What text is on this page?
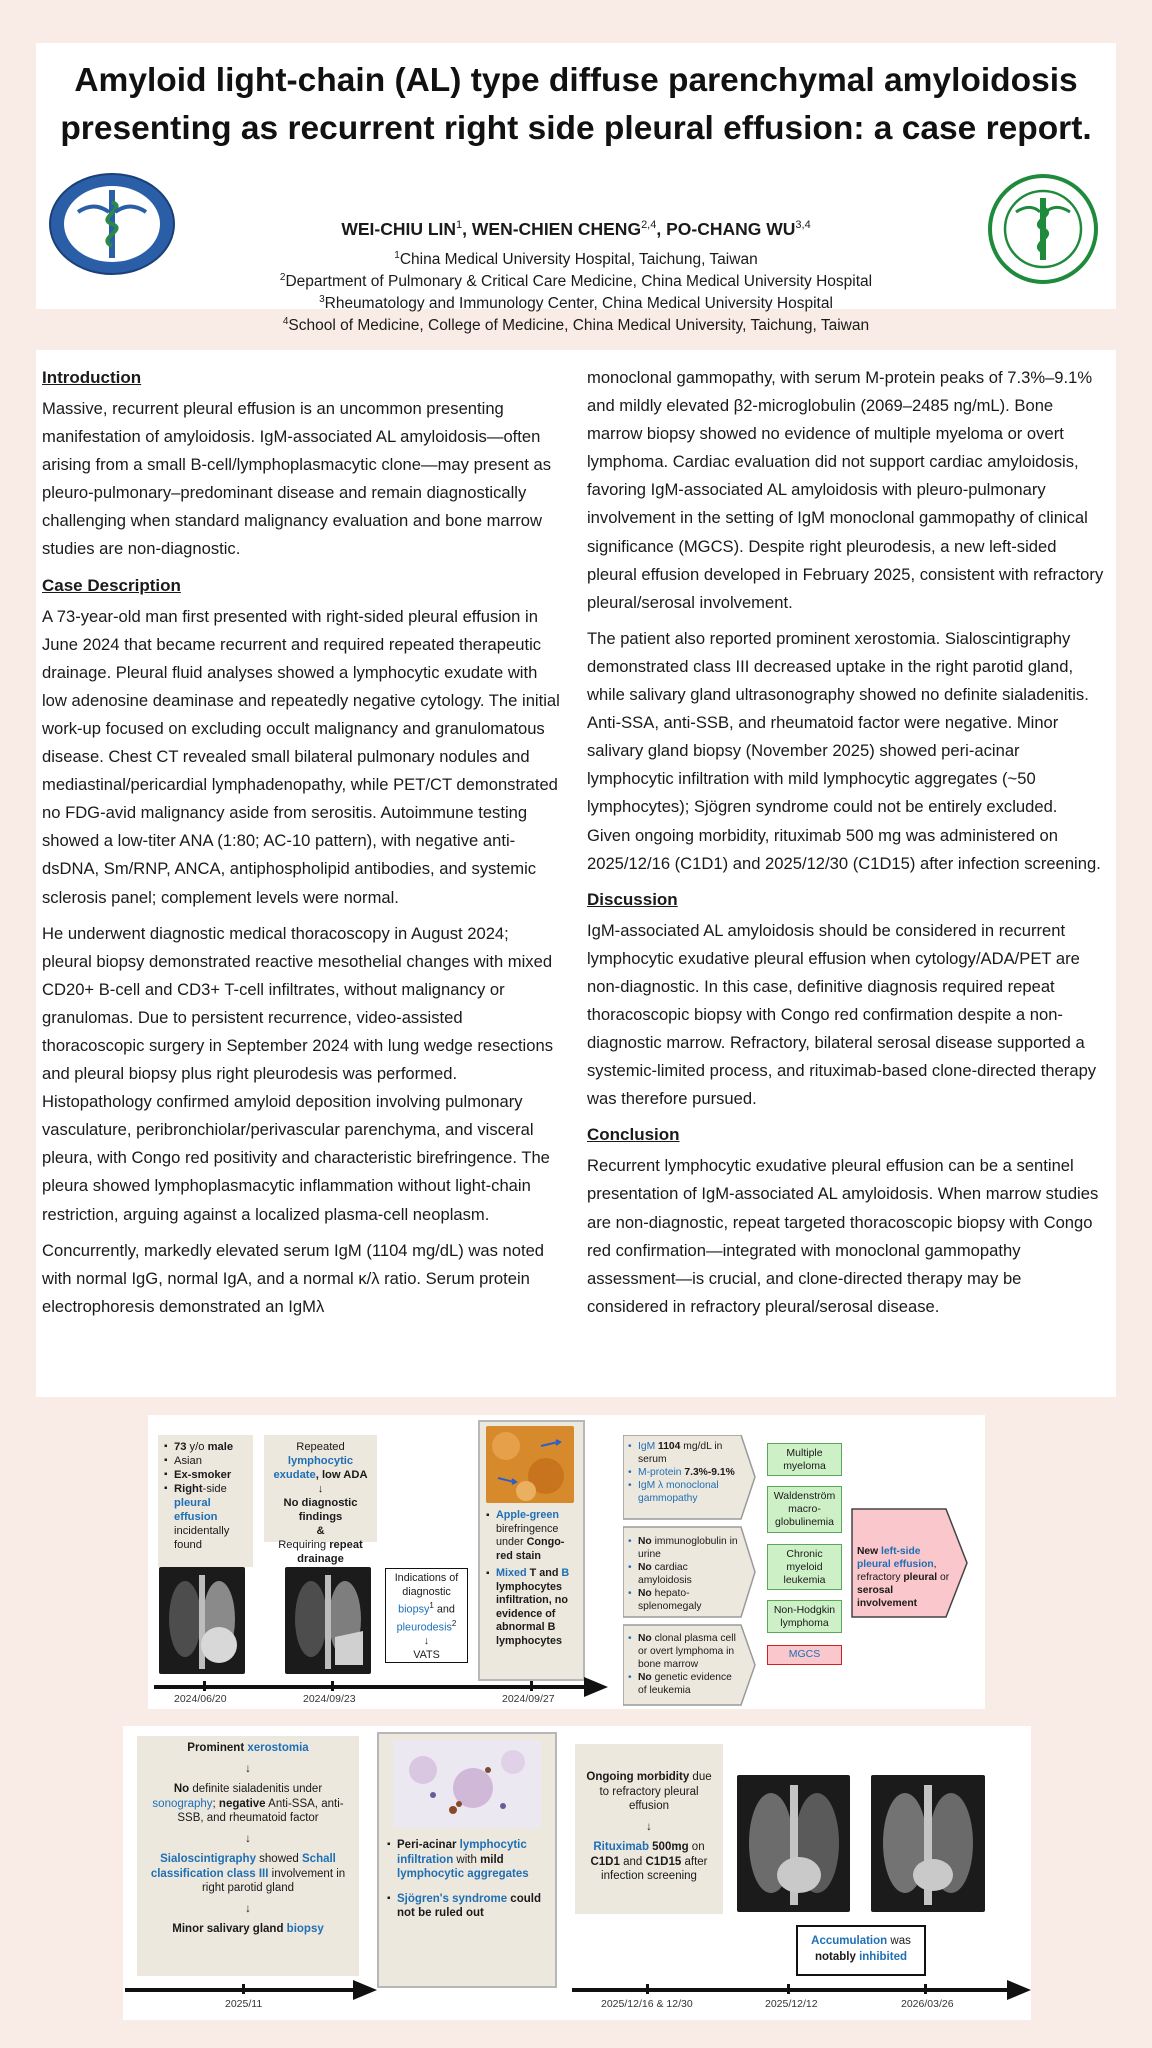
Amyloid light-chain (AL) type diffuse parenchymal amyloidosis
presenting as recurrent right side pleural effusion: a case report.
WEI-CHIU LIN$^1$, WEN-CHIEN CHENG$^{2,4}$, PO-CHANG WU$^{3,4}$
$^1$China Medical University Hospital, Taichung, Taiwan
$^2$Department of Pulmonary & Critical Care Medicine, China Medical University Hospital
$^3$Rheumatology and Immunology Center, China Medical University Hospital
$^4$School of Medicine, College of Medicine, China Medical University, Taichung, Taiwan
Introduction

Massive, recurrent pleural effusion is an uncommon presenting manifestation of amyloidosis. IgM-associated AL amyloidosis—often arising from a small B-cell/lymphoplasmacytic clone—may present as pleuro-pulmonary–predominant disease and remain diagnostically challenging when standard malignancy evaluation and bone marrow studies are non-diagnostic.

Case Description

A 73-year-old man first presented with right-sided pleural effusion in June 2024 that became recurrent and required repeated therapeutic drainage. Pleural fluid analyses showed a lymphocytic exudate with low adenosine deaminase and repeatedly negative cytology. The initial work-up focused on excluding occult malignancy and granulomatous disease. Chest CT revealed small bilateral pulmonary nodules and mediastinal/pericardial lymphadenopathy, while PET/CT demonstrated no FDG-avid malignancy aside from serositis. Autoimmune testing showed a low-titer ANA (1:80; AC-10 pattern), with negative anti-dsDNA, Sm/RNP, ANCA, antiphospholipid antibodies, and systemic sclerosis panel; complement levels were normal.

He underwent diagnostic medical thoracoscopy in August 2024; pleural biopsy demonstrated reactive mesothelial changes with mixed CD20+ B-cell and CD3+ T-cell infiltrates, without malignancy or granulomas. Due to persistent recurrence, video-assisted thoracoscopic surgery in September 2024 with lung wedge resections and pleural biopsy plus right pleurodesis was performed. Histopathology confirmed amyloid deposition involving pulmonary vasculature, peribronchiolar/perivascular parenchyma, and visceral pleura, with Congo red positivity and characteristic birefringence. The pleura showed lymphoplasmacytic inflammation without light-chain restriction, arguing against a localized plasma-cell neoplasm.

Concurrently, markedly elevated serum IgM (1104 mg/dL) was noted with normal IgG, normal IgA, and a normal κ/λ ratio. Serum protein electrophoresis demonstrated an IgMλ

monoclonal gammopathy, with serum M-protein peaks of 7.3%–9.1% and mildly elevated β2-microglobulin (2069–2485 ng/mL). Bone marrow biopsy showed no evidence of multiple myeloma or overt lymphoma. Cardiac evaluation did not support cardiac amyloidosis, favoring IgM-associated AL amyloidosis with pleuro-pulmonary involvement in the setting of IgM monoclonal gammopathy of clinical significance (MGCS). Despite right pleurodesis, a new left-sided pleural effusion developed in February 2025, consistent with refractory pleural/serosal involvement.

The patient also reported prominent xerostomia. Sialoscintigraphy demonstrated class III decreased uptake in the right parotid gland, while salivary gland ultrasonography showed no definite sialadenitis. Anti-SSA, anti-SSB, and rheumatoid factor were negative. Minor salivary gland biopsy (November 2025) showed peri-acinar lymphocytic infiltration with mild lymphocytic aggregates (~50 lymphocytes); Sjögren syndrome could not be entirely excluded. Given ongoing morbidity, rituximab 500 mg was administered on 2025/12/16 (C1D1) and 2025/12/30 (C1D15) after infection screening.

Discussion

IgM-associated AL amyloidosis should be considered in recurrent lymphocytic exudative pleural effusion when cytology/ADA/PET are non-diagnostic. In this case, definitive diagnosis required repeat thoracoscopic biopsy with Congo red confirmation despite a non-diagnostic marrow. Refractory, bilateral serosal disease supported a systemic-limited process, and rituximab-based clone-directed therapy was therefore pursued.

Conclusion

Recurrent lymphocytic exudative pleural effusion can be a sentinel presentation of IgM-associated AL amyloidosis. When marrow studies are non-diagnostic, repeat targeted thoracoscopic biopsy with Congo red confirmation—integrated with monoclonal gammopathy assessment—is crucial, and clone-directed therapy may be considered in refractory pleural/serosal disease.

▪ 73 y/o male
▪ Asian
▪ Ex-smoker
▪ Right-side pleural effusion incidentally found
Repeated lymphocytic exudate, low ADA
↓
No diagnostic findings
&
Requiring repeat drainage
Indications of
diagnostic
biopsy$^1$ and
pleurodesis$^2$
↓
VATS
▪ Apple-green birefringence under Congo-red stain
▪ Mixed T and B lymphocytes infiltration, no evidence of abnormal B lymphocytes
• IgM 1104 mg/dL in serum
• M-protein 7.3%-9.1%
• IgM λ monoclonal gammopathy
• No immunoglobulin in urine
• No cardiac amyloidosis
• No hepato-splenomegaly
• No clonal plasma cell or overt lymphoma in bone marrow
• No genetic evidence of leukemia
Multiple myeloma
Waldenström macro-globulinemia
Chronic myeloid leukemia
Non-Hodgkin lymphoma
MGCS
New left-side pleural effusion, refractory pleural or serosal involvement
2024/06/20	2024/09/23	2024/09/27
Prominent xerostomia
↓
No definite sialadenitis under sonography; negative Anti-SSA, anti-SSB, and rheumatoid factor
↓
Sialoscintigraphy showed Schall classification class III involvement in right parotid gland
↓
Minor salivary gland biopsy
▪ Peri-acinar lymphocytic infiltration with mild lymphocytic aggregates
▪ Sjögren's syndrome could not be ruled out
Ongoing morbidity due to refractory pleural effusion
↓
Rituximab 500mg on C1D1 and C1D15 after infection screening
Accumulation was
notably inhibited
2025/11	2025/12/16 & 12/30	2025/12/12	2026/03/26
